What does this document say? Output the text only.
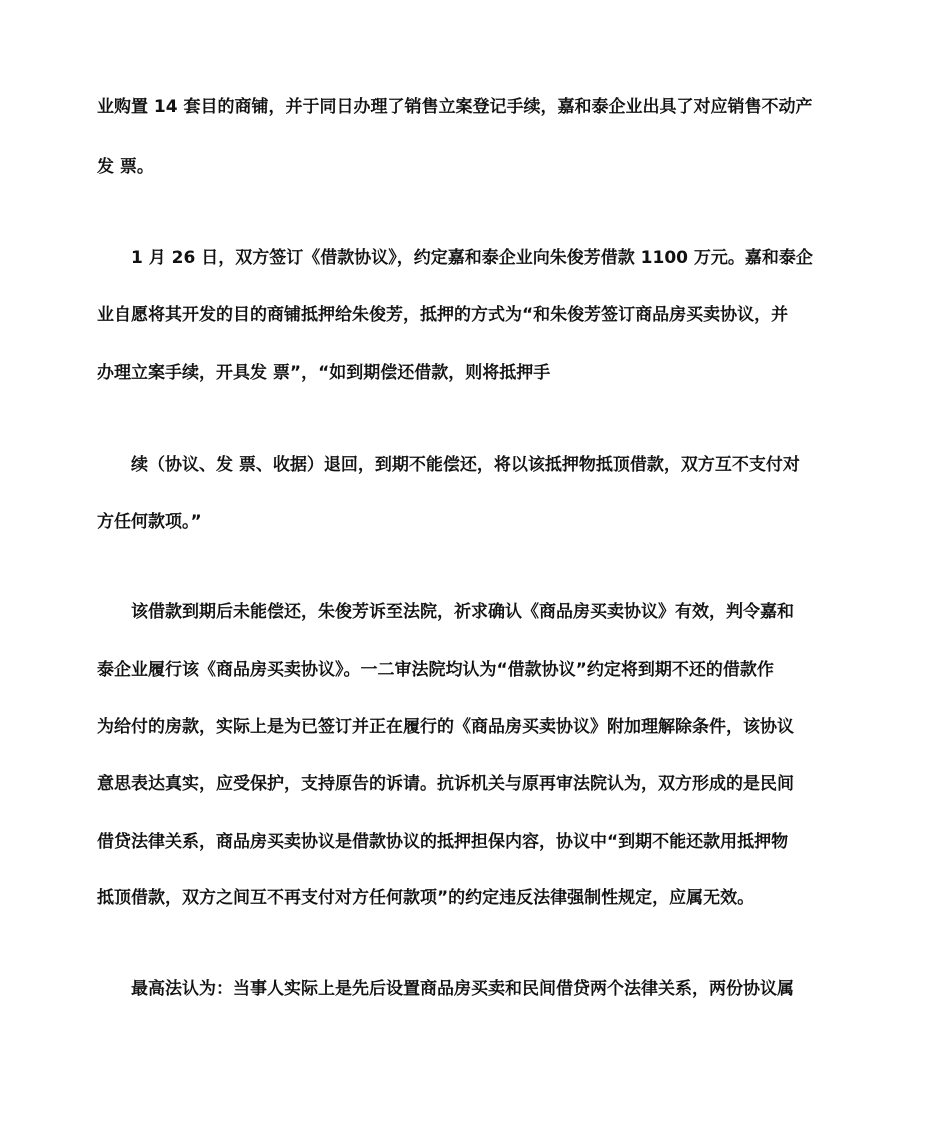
业购置 14 套目的商铺，并于同日办理了销售立案登记手续，嘉和泰企业出具了对应销售不动产
发 票。
1 月 26 日，双方签订《借款协议》，约定嘉和泰企业向朱俊芳借款 1100 万元。嘉和泰企
业自愿将其开发的目的商铺抵押给朱俊芳，抵押的方式为“和朱俊芳签订商品房买卖协议，并
办理立案手续，开具发 票”，“如到期偿还借款，则将抵押手
续（协议、发 票、收据）退回，到期不能偿还，将以该抵押物抵顶借款，双方互不支付对
方任何款项。”
该借款到期后未能偿还，朱俊芳诉至法院，祈求确认《商品房买卖协议》有效，判令嘉和
泰企业履行该《商品房买卖协议》。一二审法院均认为“借款协议”约定将到期不还的借款作
为给付的房款，实际上是为已签订并正在履行的《商品房买卖协议》附加理解除条件，该协议
意思表达真实，应受保护，支持原告的诉请。抗诉机关与原再审法院认为，双方形成的是民间
借贷法律关系，商品房买卖协议是借款协议的抵押担保内容，协议中“到期不能还款用抵押物
抵顶借款，双方之间互不再支付对方任何款项”的约定违反法律强制性规定，应属无效。
最高法认为：当事人实际上是先后设置商品房买卖和民间借贷两个法律关系，两份协议属
